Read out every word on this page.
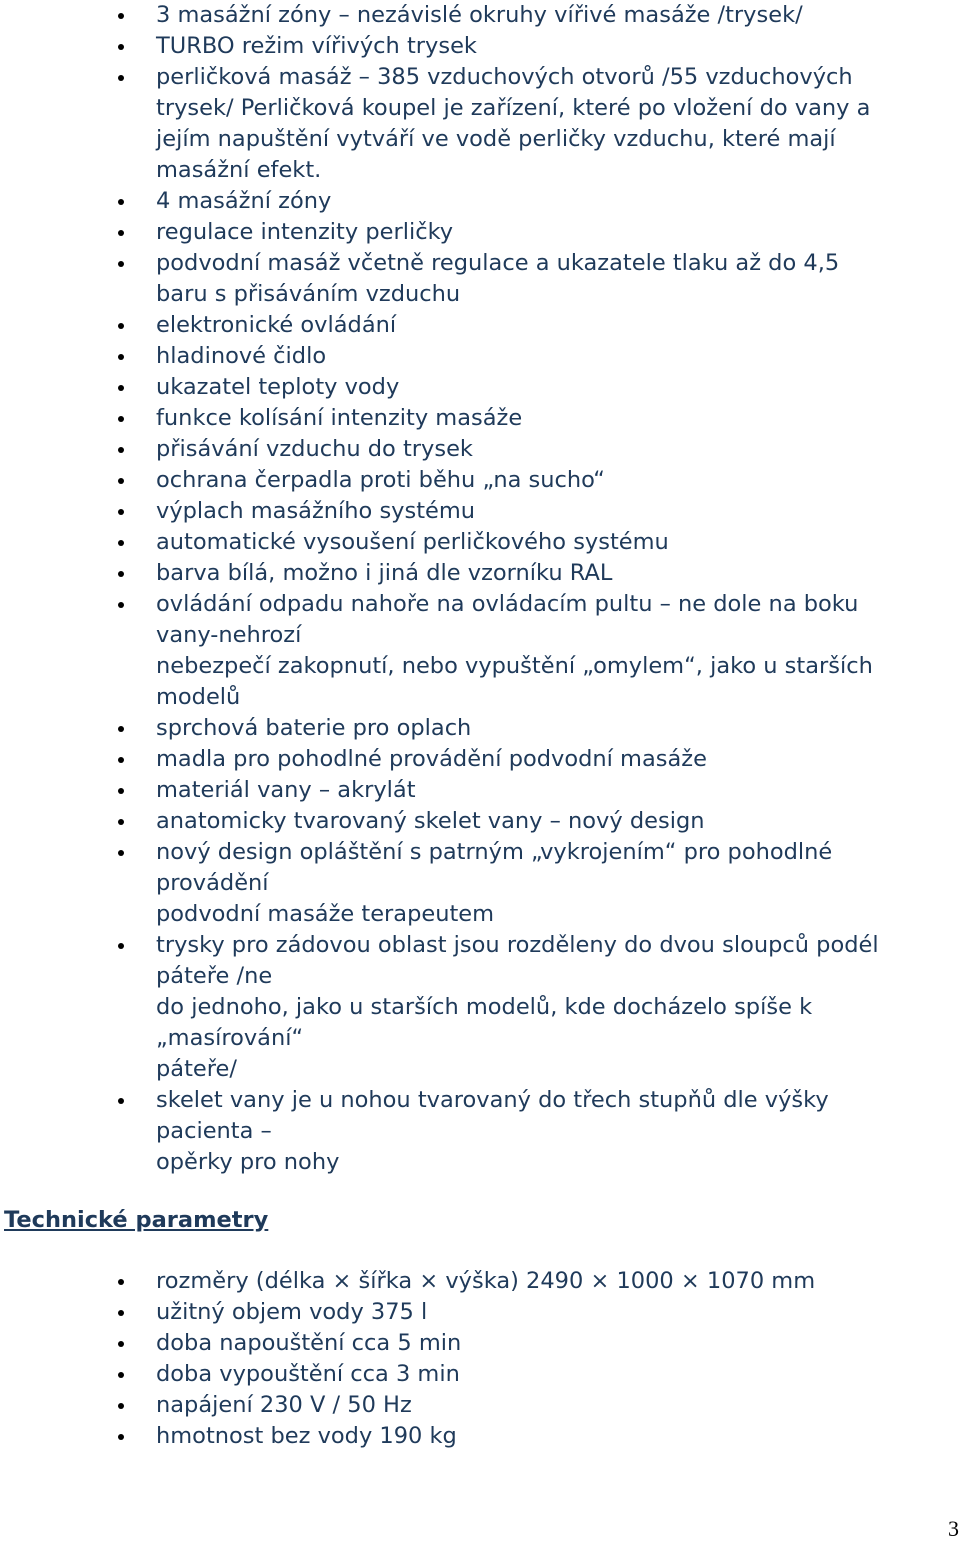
3 masážní zóny – nezávislé okruhy vířivé masáže /trysek/
TURBO režim vířivých trysek
perličková masáž – 385 vzduchových otvorů /55 vzduchových
trysek/ Perličková koupel je zařízení, které po vložení do vany a
jejím napuštění vytváří ve vodě perličky vzduchu, které mají
masážní efekt.
4 masážní zóny
regulace intenzity perličky
podvodní masáž včetně regulace a ukazatele tlaku až do 4,5
baru s přisáváním vzduchu
elektronické ovládání
hladinové čidlo
ukazatel teploty vody
funkce kolísání intenzity masáže
přisávání vzduchu do trysek
ochrana čerpadla proti běhu „na sucho“
výplach masážního systému
automatické vysoušení perličkového systému
barva bílá, možno i jiná dle vzorníku RAL
ovládání odpadu nahoře na ovládacím pultu – ne dole na boku
vany-nehrozí
nebezpečí zakopnutí, nebo vypuštění „omylem“, jako u starších
modelů
sprchová baterie pro oplach
madla pro pohodlné provádění podvodní masáže
materiál vany – akrylát
anatomicky tvarovaný skelet vany – nový design
nový design opláštění s patrným „vykrojením“ pro pohodlné
provádění
podvodní masáže terapeutem
trysky pro zádovou oblast jsou rozděleny do dvou sloupců podél
páteře /ne
do jednoho, jako u starších modelů, kde docházelo spíše k
„masírování“
páteře/
skelet vany je u nohou tvarovaný do třech stupňů dle výšky
pacienta –
opěrky pro nohy
Technické parametry
rozměry (délka × šířka × výška) 2490 × 1000 × 1070 mm
užitný objem vody 375 l
doba napouštění cca 5 min
doba vypouštění cca 3 min
napájení 230 V / 50 Hz
hmotnost bez vody 190 kg
3
